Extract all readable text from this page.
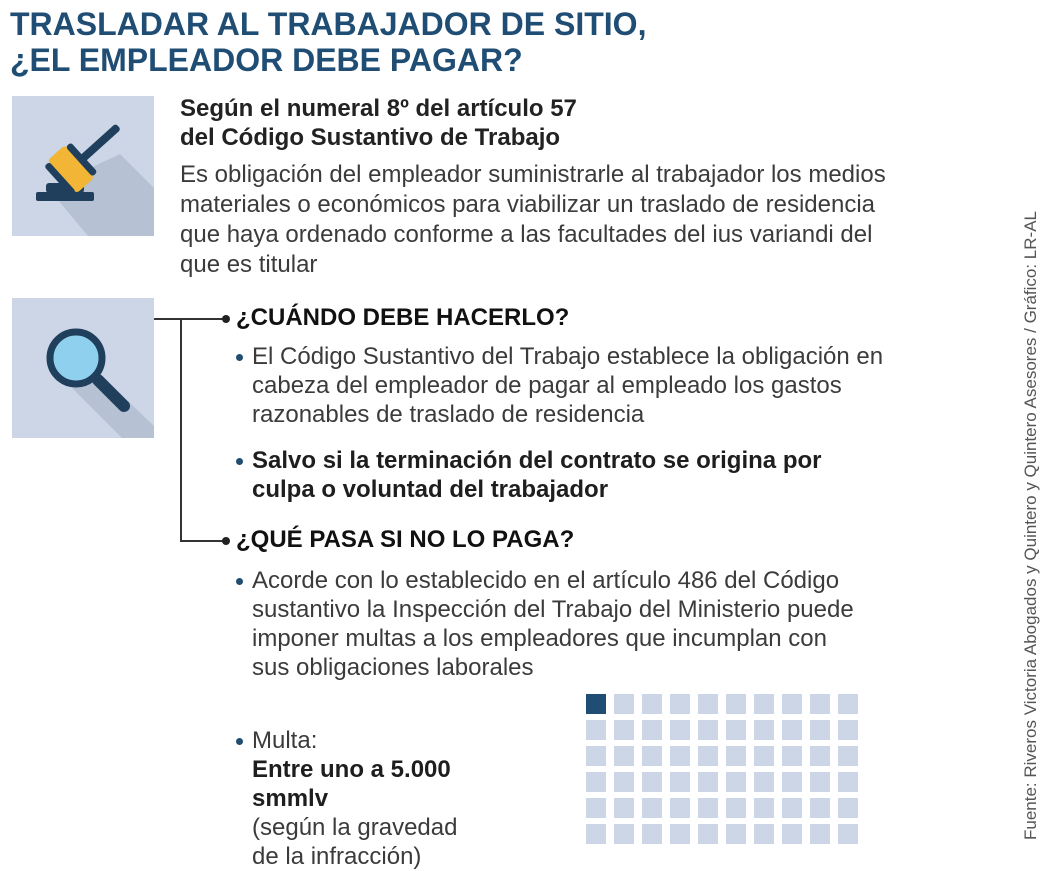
TRASLADAR AL TRABAJADOR DE SITIO,
¿EL EMPLEADOR DEBE PAGAR?
Según el numeral 8º del artículo 57
del Código Sustantivo de Trabajo
Es obligación del empleador suministrarle al trabajador los medios
materiales o económicos para viabilizar un traslado de residencia
que haya ordenado conforme a las facultades del ius variandi del
que es titular
¿CUÁNDO DEBE HACERLO?
El Código Sustantivo del Trabajo establece la obligación en
cabeza del empleador de pagar al empleado los gastos
razonables de traslado de residencia
Salvo si la terminación del contrato se origina por
culpa o voluntad del trabajador
¿QUÉ PASA SI NO LO PAGA?
Acorde con lo establecido en el artículo 486 del Código
sustantivo la Inspección del Trabajo del Ministerio puede
imponer multas a los empleadores que incumplan con
sus obligaciones laborales
Multa:
Entre uno a 5.000
smmlv
(según la gravedad
de la infracción)
Fuente: Riveros Victoria Abogados y Quintero y Quintero Asesores / Gráfico: LR-AL
